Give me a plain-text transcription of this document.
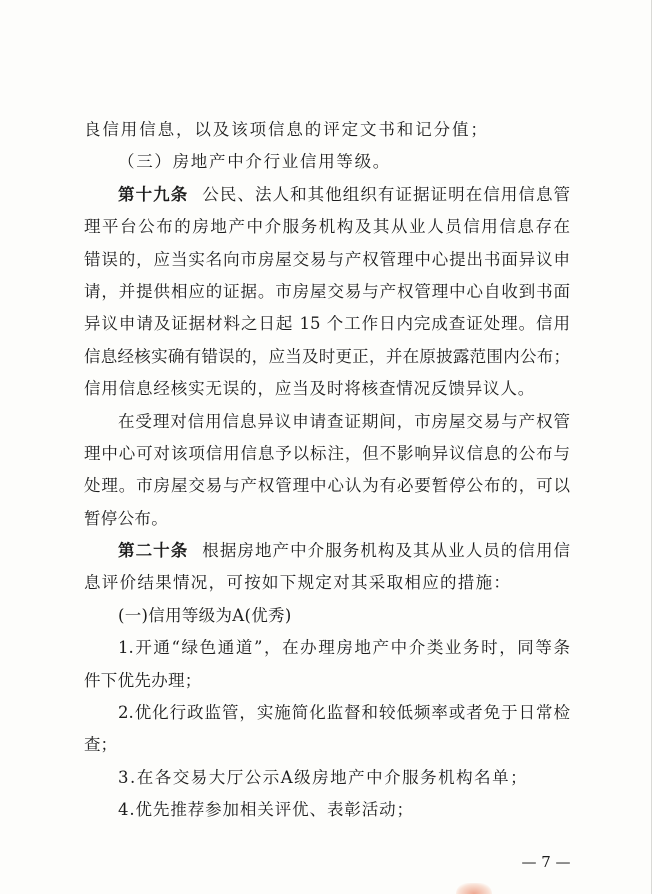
良信用信息，以及该项信息的评定文书和记分值；
（三）房地产中介行业信用等级。
第十九条 公民、法人和其他组织有证据证明在信用信息管
理平台公布的房地产中介服务机构及其从业人员信用信息存在
错误的，应当实名向市房屋交易与产权管理中心提出书面异议申
请，并提供相应的证据。市房屋交易与产权管理中心自收到书面
异议申请及证据材料之日起 15 个工作日内完成查证处理。信用
信息经核实确有错误的，应当及时更正，并在原披露范围内公布；
信用信息经核实无误的，应当及时将核查情况反馈异议人。
在受理对信用信息异议申请查证期间，市房屋交易与产权管
理中心可对该项信用信息予以标注，但不影响异议信息的公布与
处理。市房屋交易与产权管理中心认为有必要暂停公布的，可以
暂停公布。
第二十条 根据房地产中介服务机构及其从业人员的信用信
息评价结果情况，可按如下规定对其采取相应的措施：
(一)信用等级为A(优秀)
1.开通“绿色通道”，在办理房地产中介类业务时，同等条
件下优先办理；
2.优化行政监管，实施简化监督和较低频率或者免于日常检
查；
3.在各交易大厅公示A级房地产中介服务机构名单；
4.优先推荐参加相关评优、表彰活动；
— 7 —
